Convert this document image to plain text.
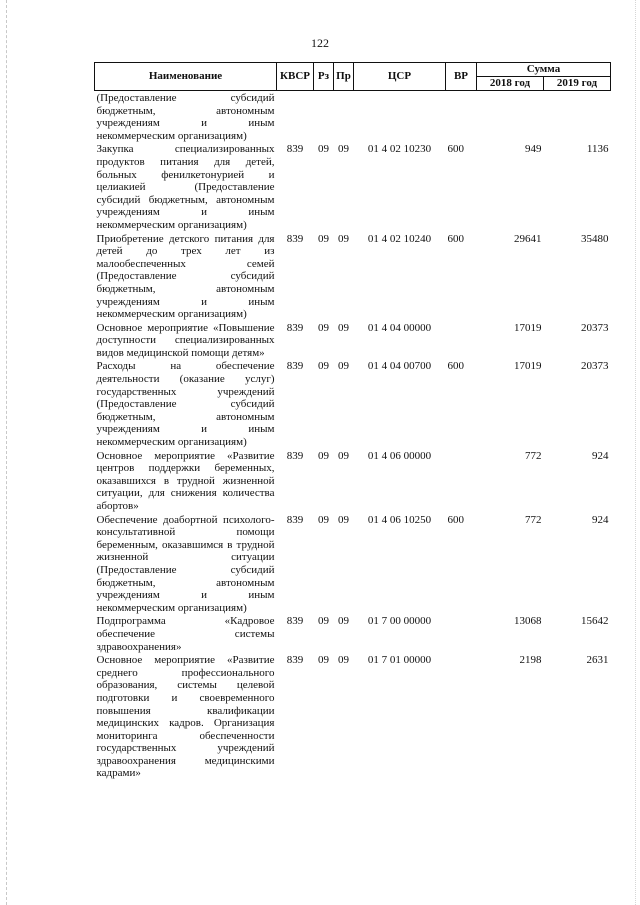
122
Наименование	КВСР	Рз	Пр	ЦСР	ВР	Сумма	
						2018 год	2019 год
(Предоставление субсидий бюджетным, автономным учреждениям и иным некоммерческим организациям)							
Закупка специализированных продуктов питания для детей, больных фенилкетонурией и целиакией (Предоставление субсидий бюджетным, автономным учреждениям и иным некоммерческим организациям)	839	09	09	01 4 02 10230	600	949	1136
Приобретение детского питания для детей до трех лет из малообеспеченных семей (Предоставление субсидий бюджетным, автономным учреждениям и иным некоммерческим организациям)	839	09	09	01 4 02 10240	600	29641	35480
Основное мероприятие «Повышение доступности специализированных видов медицинской помощи детям»	839	09	09	01 4 04 00000		17019	20373
Расходы на обеспечение деятельности (оказание услуг) государственных учреждений (Предоставление субсидий бюджетным, автономным учреждениям и иным некоммерческим организациям)	839	09	09	01 4 04 00700	600	17019	20373
Основное мероприятие «Развитие центров поддержки беременных, оказавшихся в трудной жизненной ситуации, для снижения количества абортов»	839	09	09	01 4 06 00000		772	924
Обеспечение доабортной психолого-консультативной помощи беременным, оказавшимся в трудной жизненной ситуации (Предоставление субсидий бюджетным, автономным учреждениям и иным некоммерческим организациям)	839	09	09	01 4 06 10250	600	772	924
Подпрограмма «Кадровое обеспечение системы здравоохранения»	839	09	09	01 7 00 00000		13068	15642
Основное мероприятие «Развитие среднего профессионального образования, системы целевой подготовки и своевременного повышения квалификации медицинских кадров. Организация мониторинга обеспеченности государственных учреждений здравоохранения медицинскими кадрами»	839	09	09	01 7 01 00000		2198	2631
